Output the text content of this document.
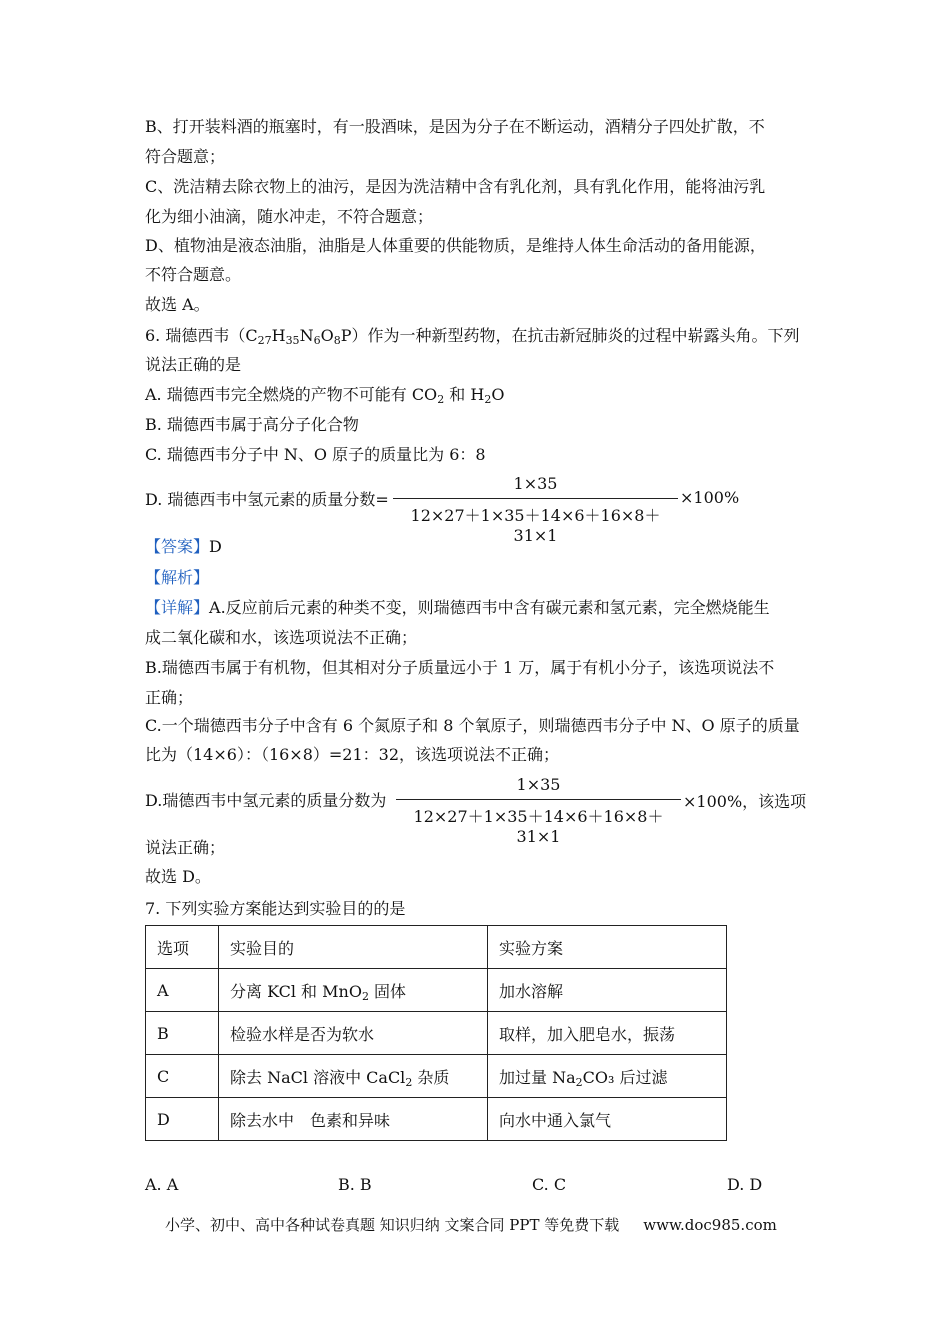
B、打开装料酒的瓶塞时，有一股酒味，是因为分子在不断运动，酒精分子四处扩散，不
符合题意；
C、洗洁精去除衣物上的油污，是因为洗洁精中含有乳化剂，具有乳化作用，能将油污乳
化为细小油滴，随水冲走，不符合题意；
D、植物油是液态油脂，油脂是人体重要的供能物质，是维持人体生命活动的备用能源，
不符合题意。
故选 A。
6. 瑞德西韦$(C_{27}H_{35}N_6O_8P)$作为一种新型药物，在抗击新冠肺炎的过程中崭露头角。下列
说法正确的是
A. 瑞德西韦完全燃烧的产物不可能有 $CO_2$ 和 $H_2O$
B. 瑞德西韦属于高分子化合物
C. 瑞德西韦分子中 N、O 原子的质量比为 6：8
D. 瑞德西韦中氢元素的质量分数=
1×35
12×27＋1×35＋14×6＋16×8＋31×1
×100%
【答案】D
【解析】
【详解】A.反应前后元素的种类不变，则瑞德西韦中含有碳元素和氢元素，完全燃烧能生
成二氧化碳和水，该选项说法不正确；
B.瑞德西韦属于有机物，但其相对分子质量远小于 1 万，属于有机小分子，该选项说法不
正确；
C.一个瑞德西韦分子中含有 6 个氮原子和 8 个氧原子，则瑞德西韦分子中 N、O 原子的质量
比为（14×6）：（16×8）=21：32，该选项说法不正确；
D.瑞德西韦中氢元素的质量分数为
1×35
12×27＋1×35＋14×6＋16×8＋31×1
×100%，该选项
说法正确；
故选 D。
7. 下列实验方案能达到实验目的的是
选项	实验目的	实验方案
A	分离 KCl 和 MnO$_2$ 固体	加水溶解
B	检验水样是否为软水	取样，加入肥皂水，振荡
C	除去 NaCl 溶液中 CaCl$_2$ 杂质	加过量 $Na_2CO_3$ 后过滤
D	除去水中　色素和异味	向水中通入氯气
A. A	B. B	C. C	D. D
小学、初中、高中各种试卷真题 知识归纳 文案合同 PPT 等免费下载 www.doc985.com
